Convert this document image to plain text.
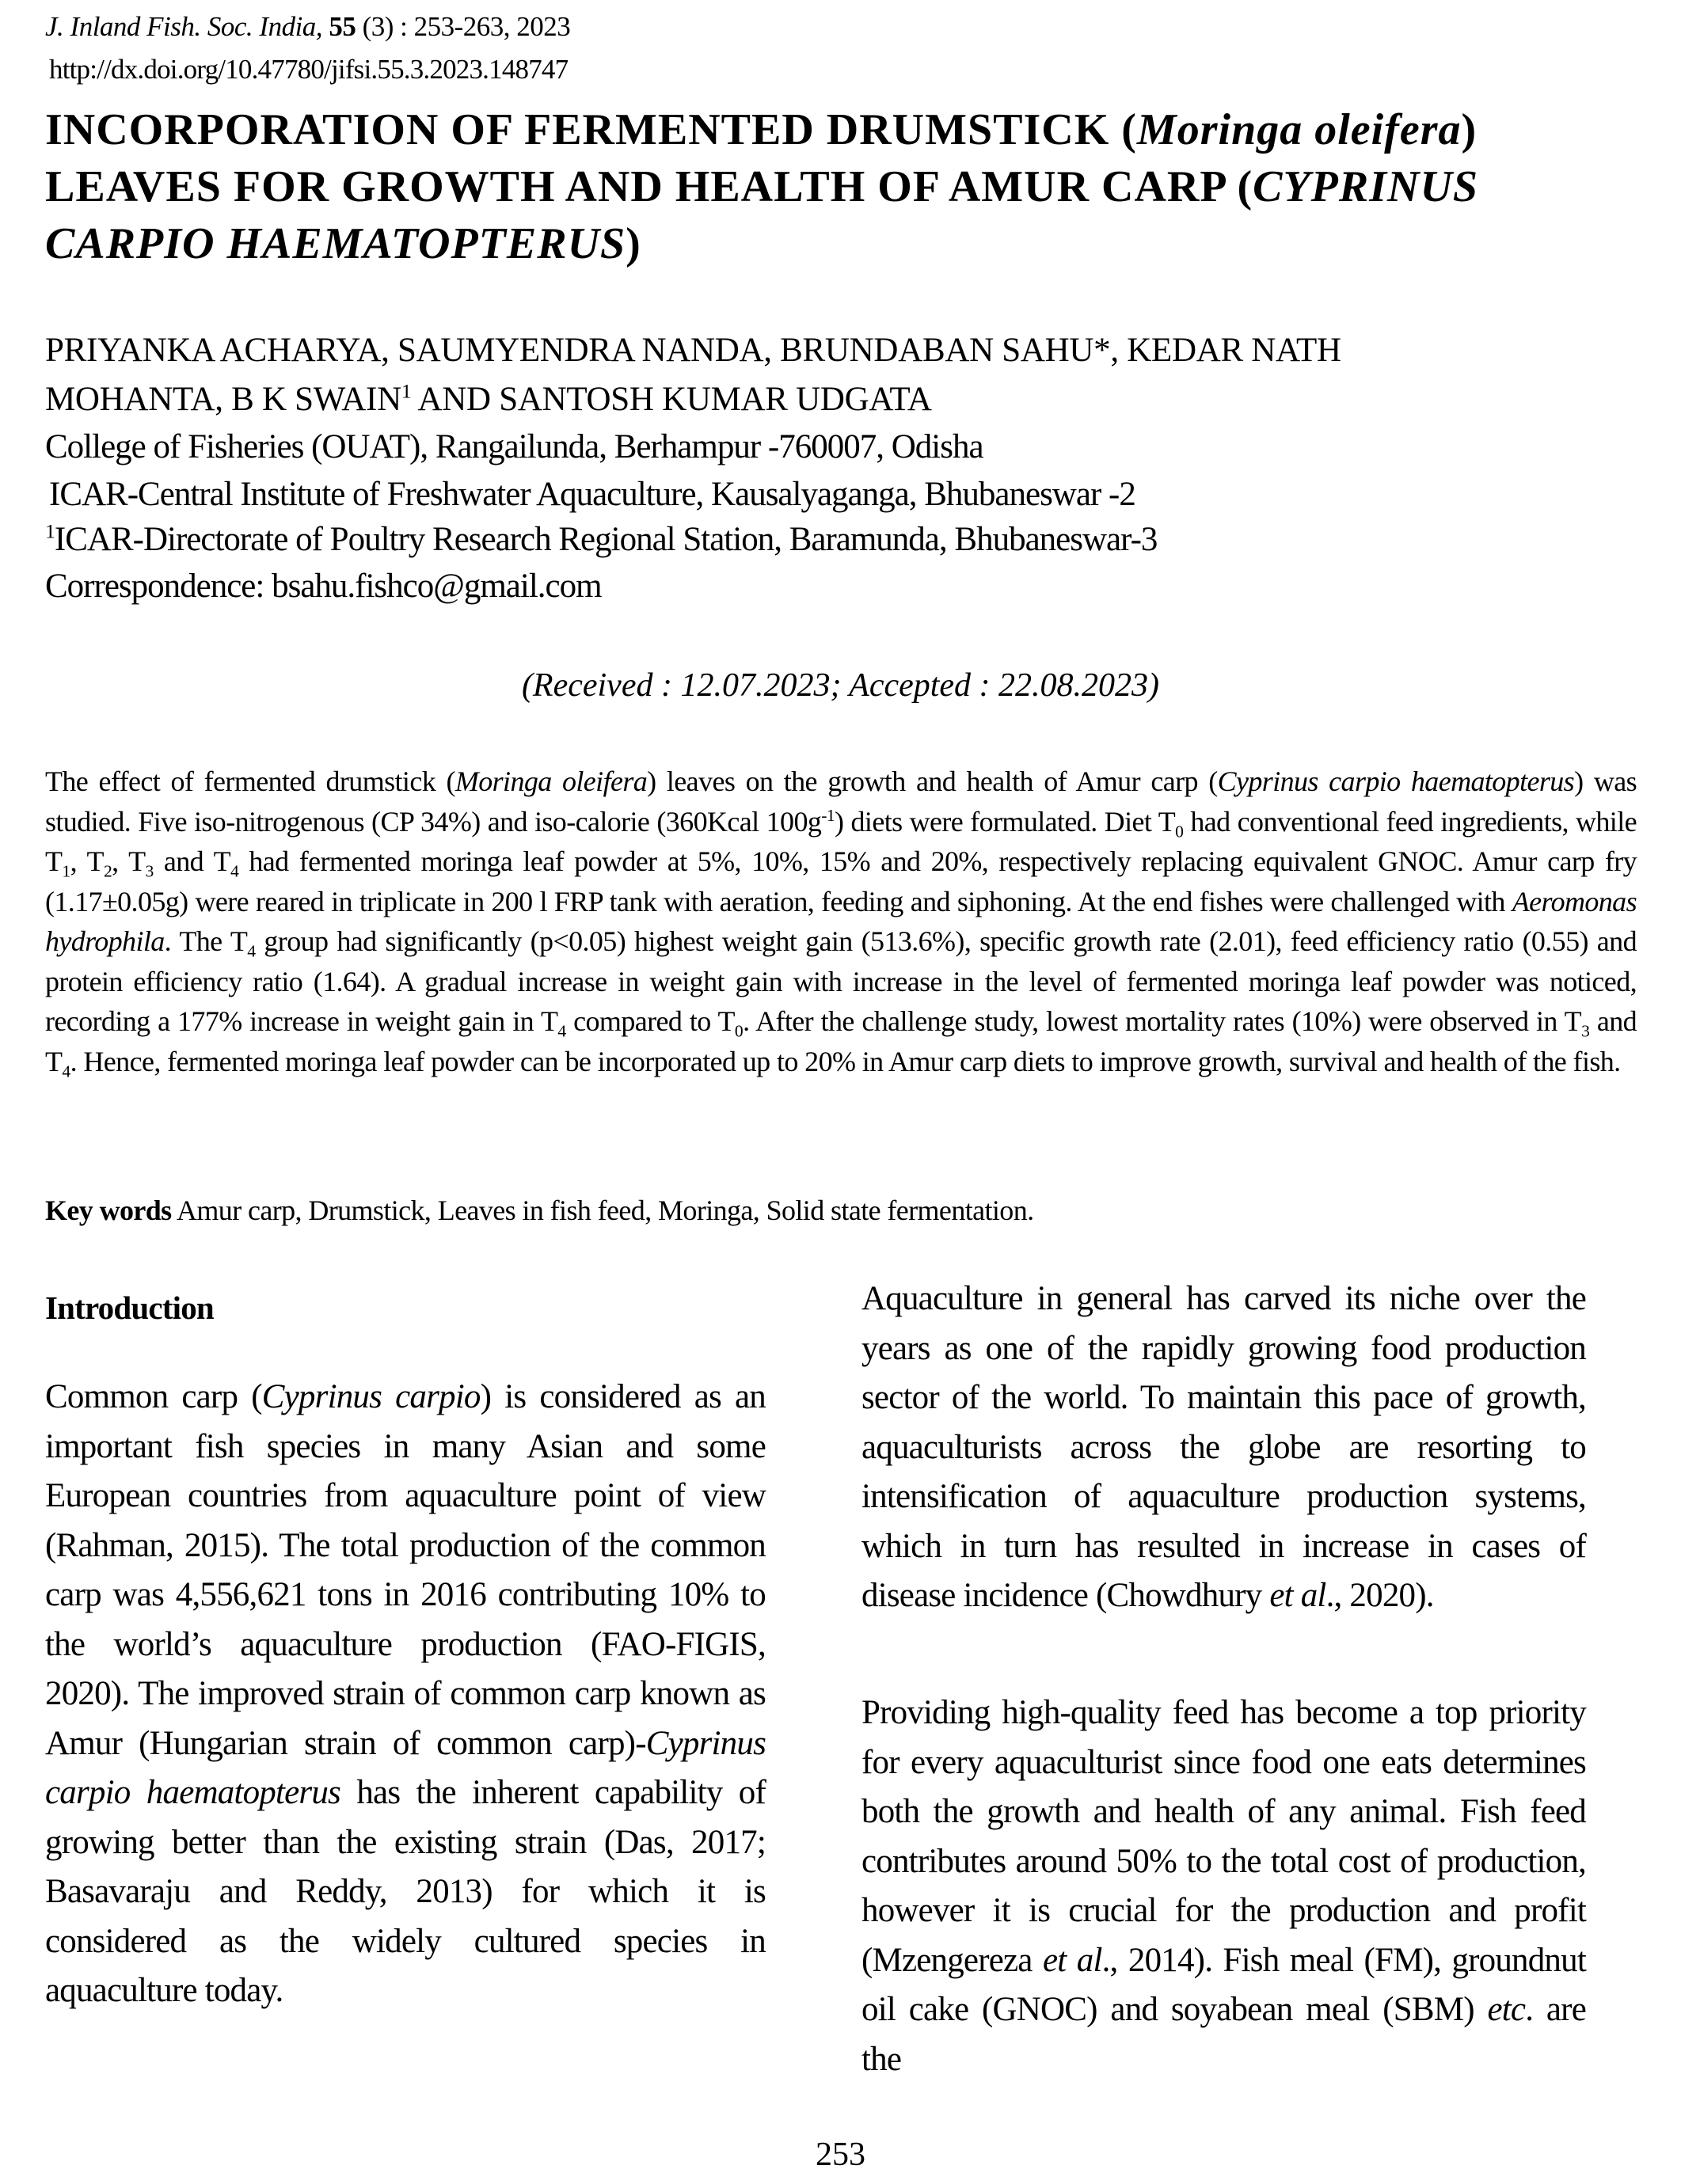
J. Inland Fish. Soc. India, 55 (3) : 253-263, 2023
http://dx.doi.org/10.47780/jifsi.55.3.2023.148747
INCORPORATION OF FERMENTED DRUMSTICK (Moringa oleifera) LEAVES FOR GROWTH AND HEALTH OF AMUR CARP (CYPRINUS CARPIO HAEMATOPTERUS)
PRIYANKA ACHARYA, SAUMYENDRA NANDA, BRUNDABAN SAHU*, KEDAR NATH
MOHANTA, B K SWAIN$^1$ AND SANTOSH KUMAR UDGATA
College of Fisheries (OUAT), Rangailunda, Berhampur -760007, Odisha
ICAR-Central Institute of Freshwater Aquaculture, Kausalyaganga, Bhubaneswar -2
$^1$ICAR-Directorate of Poultry Research Regional Station, Baramunda, Bhubaneswar-3
Correspondence: bsahu.fishco@gmail.com
(Received : 12.07.2023; Accepted : 22.08.2023)
The effect of fermented drumstick (Moringa oleifera) leaves on the growth and health of Amur carp (Cyprinus carpio haematopterus) was studied. Five iso-nitrogenous (CP 34%) and iso-calorie (360Kcal $100g^{-1}$) diets were formulated. Diet $T_0$ had conventional feed ingredients, while $T_1$, $T_2$, $T_3$ and $T_4$ had fermented moringa leaf powder at 5%, 10%, 15% and 20%, respectively replacing equivalent GNOC. Amur carp fry (1.17±0.05g) were reared in triplicate in 200 l FRP tank with aeration, feeding and siphoning. At the end fishes were challenged with Aeromonas hydrophila. The $T_4$ group had significantly (p<0.05) highest weight gain (513.6%), specific growth rate (2.01), feed efficiency ratio (0.55) and protein efficiency ratio (1.64). A gradual increase in weight gain with increase in the level of fermented moringa leaf powder was noticed, recording a 177% increase in weight gain in $T_4$ compared to $T_0$. After the challenge study, lowest mortality rates (10%) were observed in $T_3$ and $T_4$. Hence, fermented moringa leaf powder can be incorporated up to 20% in Amur carp diets to improve growth, survival and health of the fish.
Key words Amur carp, Drumstick, Leaves in fish feed, Moringa, Solid state fermentation.
Introduction
Common carp (Cyprinus carpio) is considered as an important fish species in many Asian and some European countries from aquaculture point of view (Rahman, 2015). The total production of the common carp was 4,556,621 tons in 2016 contributing 10% to the world’s aquaculture production (FAO-FIGIS, 2020). The improved strain of common carp known as Amur (Hungarian strain of common carp)-Cyprinus carpio haematopterus has the inherent capability of growing better than the existing strain (Das, 2017; Basavaraju and Reddy, 2013) for which it is considered as the widely cultured species in aquaculture today.
Aquaculture in general has carved its niche over the years as one of the rapidly growing food production sector of the world. To maintain this pace of growth, aquaculturists across the globe are resorting to intensification of aquaculture production systems, which in turn has resulted in increase in cases of disease incidence (Chowdhury et al., 2020).
Providing high-quality feed has become a top priority for every aquaculturist since food one eats determines both the growth and health of any animal. Fish feed contributes around 50% to the total cost of production, however it is crucial for the production and profit (Mzengereza et al., 2014). Fish meal (FM), groundnut oil cake (GNOC) and soyabean meal (SBM) etc. are the
253
